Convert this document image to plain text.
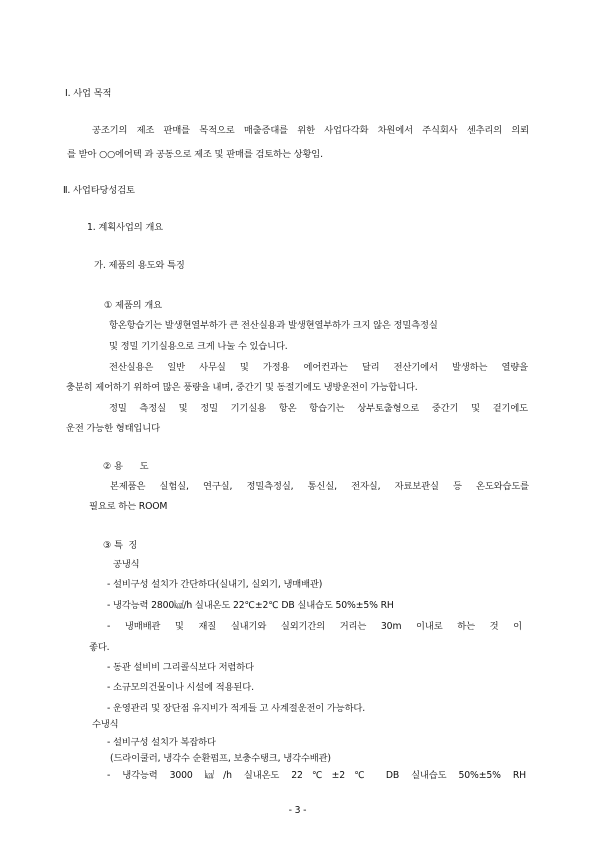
Ⅰ. 사업 목적
공조기의 제조 판매를 목적으로 매출증대를 위한 사업다각화 차원에서 주식회사 센추리의 의뢰
를 받아 ○○에어텍 과 공동으로 제조 및 판매를 검토하는 상황임.
Ⅱ. 사업타당성검토
1. 계획사업의 개요
가. 제품의 용도와 특징
① 제품의 개요
항온항습기는 발생현열부하가 큰 전산실용과 발생현열부하가 크지 않은 정밀측정실
및 정밀 기기실용으로 크게 나눌 수 있습니다.
전산실용은 일반 사무실 및 가정용 에어컨과는 달리 전산기에서 발생하는 열량을
충분히 제어하기 위하여 많은 풍량을 내며, 중간기 및 동절기에도 냉방운전이 가능합니다.
정밀 측정실 및 정밀 기기실용 항온 항습기는 상부토출형으로 중간기 및 겉기에도
운전 가능한 형태입니다
② 용      도
본제품은 실험실, 연구실, 정밀측정실, 통신실, 전자실, 자료보관실 등 온도와습도를
필요로 하는 ROOM
③ 특  징
공냉식
- 설비구성 설치가 간단하다(실내기, 실외기, 냉매배관)
- 냉각능력 2800㎉/h 실내온도 22℃±2℃ DB 실내습도 50%±5% RH
- 냉매배관 및 재질 실내기와 실외기간의 거리는 30m 이내로 하는 것 이
좋다.
- 동관 설비비 그리콜식보다 저렴하다
- 소규모의건물이나 시설에 적용된다.
- 운영관리 및 장단점 유지비가 적게들 고 사계절운전이 가능하다.
수냉식
- 설비구성 설치가 복잡하다
(드라이쿨러, 냉각수 순환펌프, 보충수탱크, 냉각수배관)
- 냉각능력 3000 ㎉/h 실내온도 22℃±2℃ DB 실내습도 50%±5% RH
- 3 -
